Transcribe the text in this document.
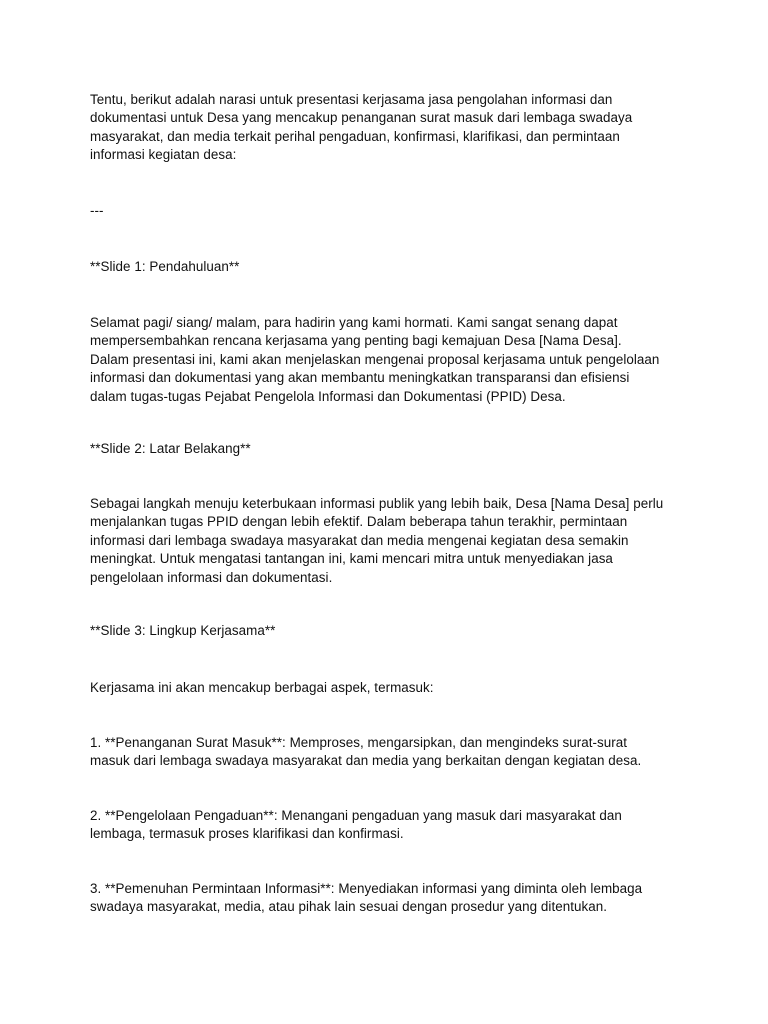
Tentu, berikut adalah narasi untuk presentasi kerjasama jasa pengolahan informasi dan
dokumentasi untuk Desa yang mencakup penanganan surat masuk dari lembaga swadaya
masyarakat, dan media terkait perihal pengaduan, konfirmasi, klarifikasi, dan permintaan
informasi kegiatan desa:

---

**Slide 1: Pendahuluan**

Selamat pagi/ siang/ malam, para hadirin yang kami hormati. Kami sangat senang dapat
mempersembahkan rencana kerjasama yang penting bagi kemajuan Desa [Nama Desa].
Dalam presentasi ini, kami akan menjelaskan mengenai proposal kerjasama untuk pengelolaan
informasi dan dokumentasi yang akan membantu meningkatkan transparansi dan efisiensi
dalam tugas-tugas Pejabat Pengelola Informasi dan Dokumentasi (PPID) Desa.

**Slide 2: Latar Belakang**

Sebagai langkah menuju keterbukaan informasi publik yang lebih baik, Desa [Nama Desa] perlu
menjalankan tugas PPID dengan lebih efektif. Dalam beberapa tahun terakhir, permintaan
informasi dari lembaga swadaya masyarakat dan media mengenai kegiatan desa semakin
meningkat. Untuk mengatasi tantangan ini, kami mencari mitra untuk menyediakan jasa
pengelolaan informasi dan dokumentasi.

**Slide 3: Lingkup Kerjasama**

Kerjasama ini akan mencakup berbagai aspek, termasuk:

1. **Penanganan Surat Masuk**: Memproses, mengarsipkan, dan mengindeks surat-surat
masuk dari lembaga swadaya masyarakat dan media yang berkaitan dengan kegiatan desa.

2. **Pengelolaan Pengaduan**: Menangani pengaduan yang masuk dari masyarakat dan
lembaga, termasuk proses klarifikasi dan konfirmasi.

3. **Pemenuhan Permintaan Informasi**: Menyediakan informasi yang diminta oleh lembaga
swadaya masyarakat, media, atau pihak lain sesuai dengan prosedur yang ditentukan.
